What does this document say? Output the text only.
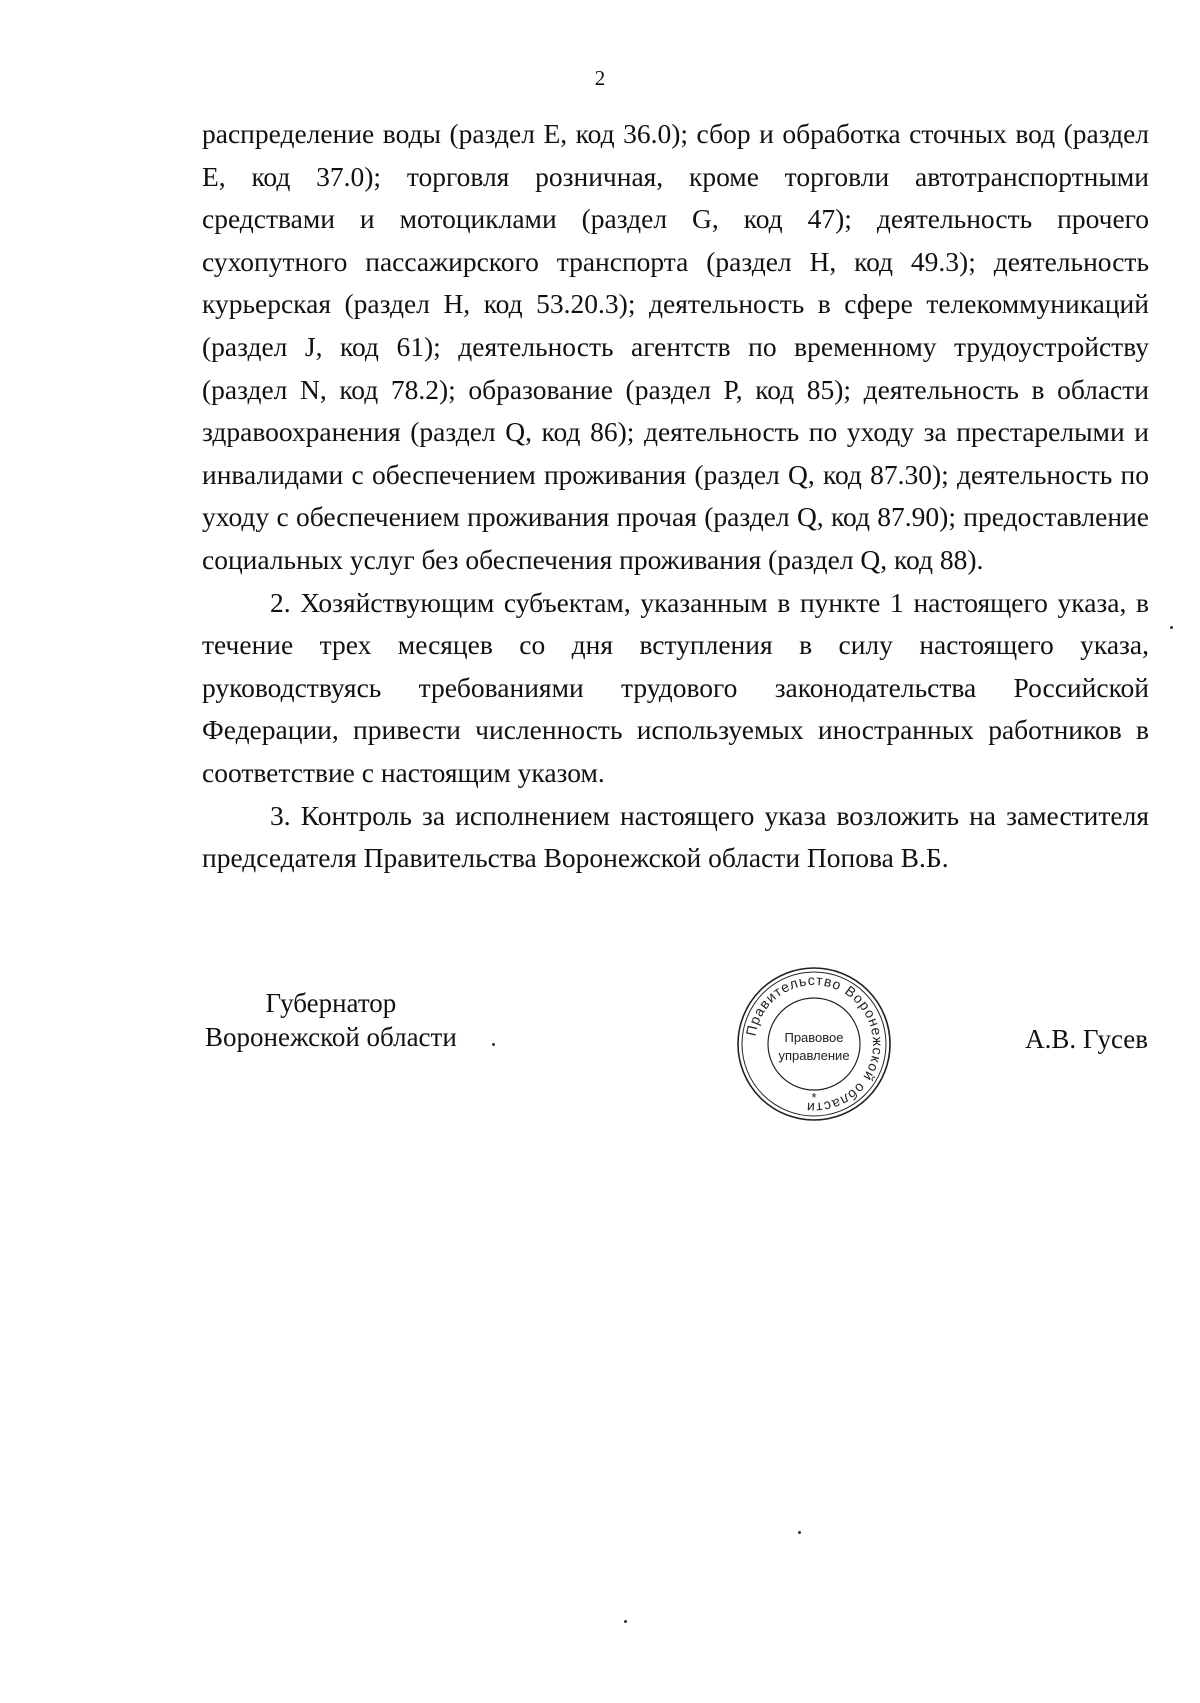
2

распределение воды (раздел E, код 36.0); сбор и обработка сточных вод (раздел E, код 37.0); торговля розничная, кроме торговли автотранспортными средствами и мотоциклами (раздел G, код 47); деятельность прочего сухопутного пассажирского транспорта (раздел H, код 49.3); деятельность курьерская (раздел H, код 53.20.3); деятельность в сфере телекоммуникаций (раздел J, код 61); деятельность агентств по временному трудоустройству (раздел N, код 78.2); образование (раздел P, код 85); деятельность в области здравоохранения (раздел Q, код 86); деятельность по уходу за престарелыми и инвалидами с обеспечением проживания (раздел Q, код 87.30); деятельность по уходу с обеспечением проживания прочая (раздел Q, код 87.90); предоставление социальных услуг без обеспечения проживания (раздел Q, код 88).

2. Хозяйствующим субъектам, указанным в пункте 1 настоящего указа, в течение трех месяцев со дня вступления в силу настоящего указа, руководствуясь требованиями трудового законодательства Российской Федерации, привести численность используемых иностранных работников в соответствие с настоящим указом.

3. Контроль за исполнением настоящего указа возложить на заместителя председателя Правительства Воронежской области Попова В.Б.

Губернатор
Воронежской области	Правительство Воронежской области
Правовое
управление
*
А.В. Гусев
